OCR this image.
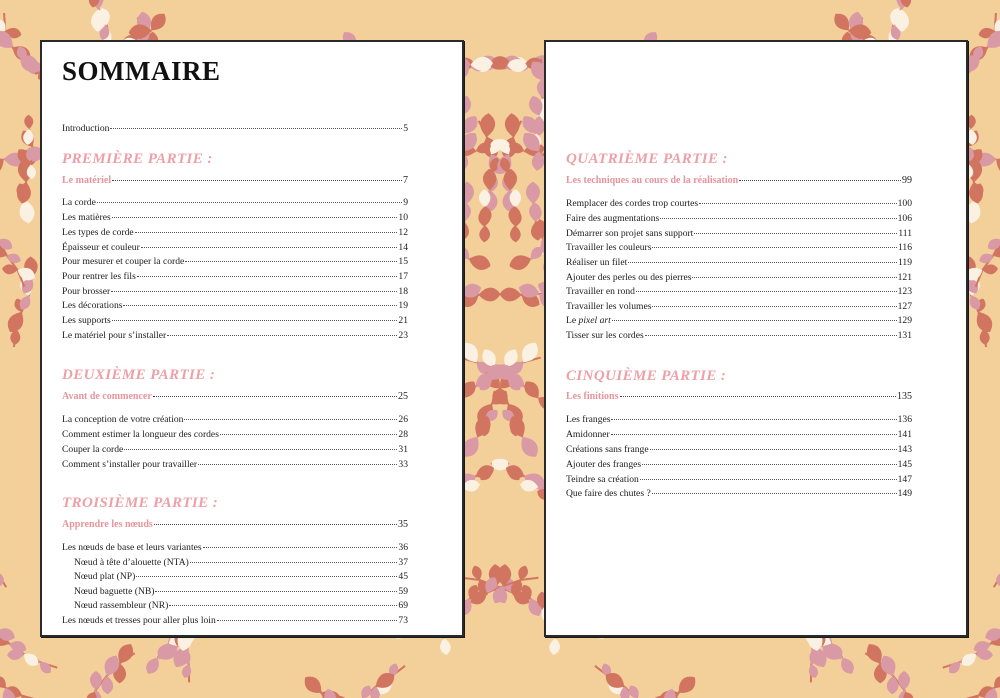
SOMMAIRE
Introduction	5
PREMIÈRE PARTIE :
Le matériel	7
La corde	9
Les matières	10
Les types de corde	12
Épaisseur et couleur	14
Pour mesurer et couper la corde	15
Pour rentrer les fils	17
Pour brosser	18
Les décorations	19
Les supports	21
Le matériel pour s’installer	23
DEUXIÈME PARTIE :
Avant de commencer	25
La conception de votre création	26
Comment estimer la longueur des cordes	28
Couper la corde	31
Comment s’installer pour travailler	33
TROISIÈME PARTIE :
Apprendre les nœuds	35
Les nœuds de base et leurs variantes	36
Nœud à tête d’alouette (NTA)	37
Nœud plat (NP)	45
Nœud baguette (NB)	59
Nœud rassembleur (NR)	69
Les nœuds et tresses pour aller plus loin	73
QUATRIÈME PARTIE :
Les techniques au cours de la réalisation	99
Remplacer des cordes trop courtes	100
Faire des augmentations	106
Démarrer son projet sans support	111
Travailler les couleurs	116
Réaliser un filet	119
Ajouter des perles ou des pierres	121
Travailler en rond	123
Travailler les volumes	127
Le pixel art	129
Tisser sur les cordes	131
CINQUIÈME PARTIE :
Les finitions	135
Les franges	136
Amidonner	141
Créations sans frange	143
Ajouter des franges	145
Teindre sa création	147
Que faire des chutes ?	149
